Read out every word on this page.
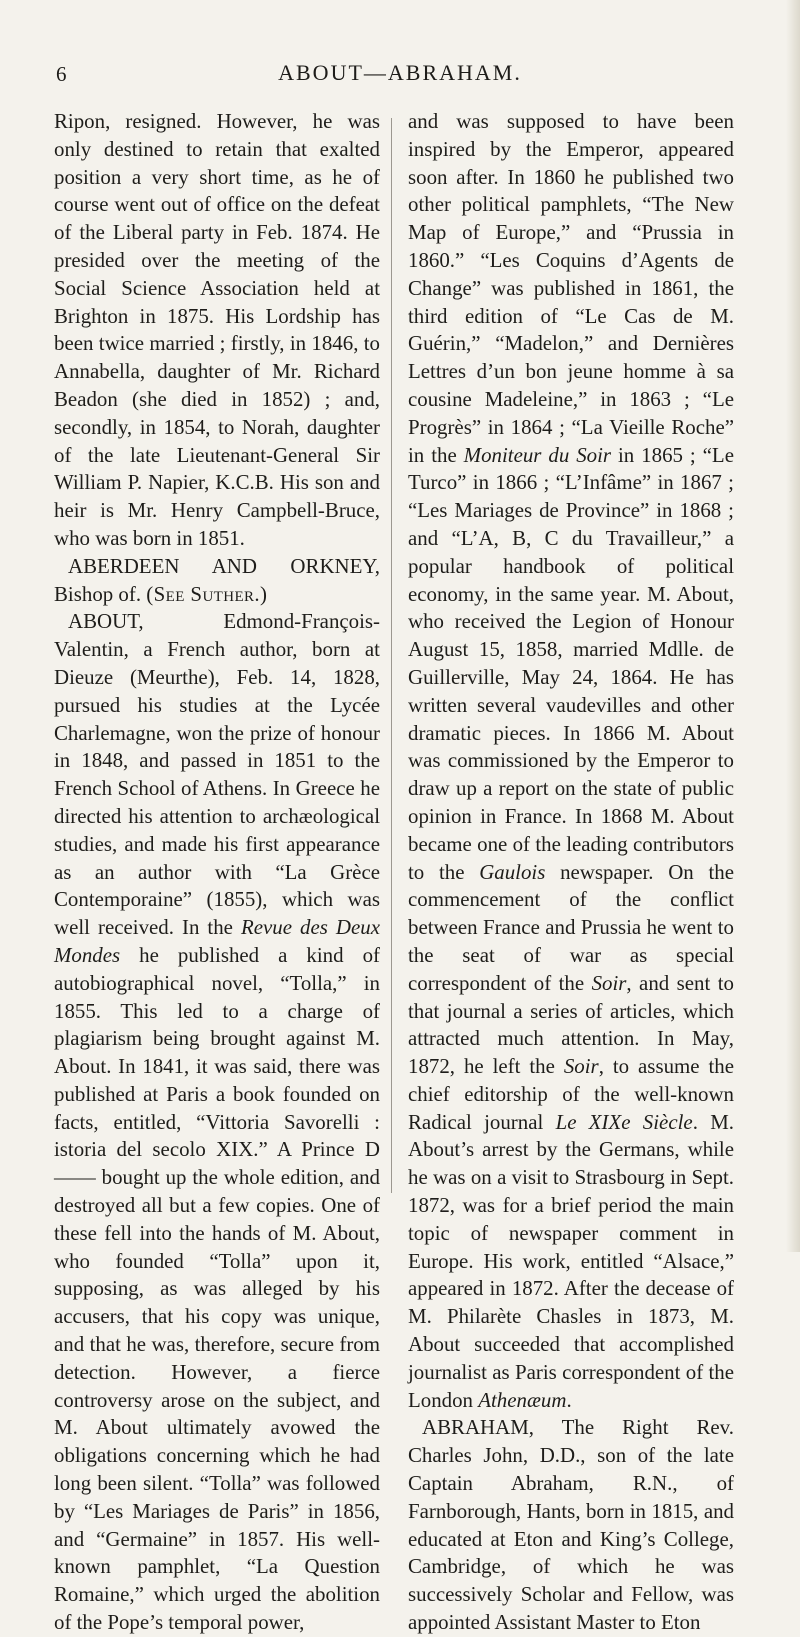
6	ABOUT—ABRAHAM.

Ripon, resigned. However, he was only destined to retain that exalted position a very short time, as he of course went out of office on the defeat of the Liberal party in Feb. 1874. He presided over the meeting of the Social Science Association held at Brighton in 1875. His Lordship has been twice married ; firstly, in 1846, to Annabella, daughter of Mr. Richard Beadon (she died in 1852) ; and, secondly, in 1854, to Norah, daughter of the late Lieutenant-General Sir William P. Napier, K.C.B. His son and heir is Mr. Henry Campbell-Bruce, who was born in 1851.

ABERDEEN AND ORKNEY, Bishop of. (See Suther.)

ABOUT, Edmond-François-Valentin, a French author, born at Dieuze (Meurthe), Feb. 14, 1828, pursued his studies at the Lycée Charlemagne, won the prize of honour in 1848, and passed in 1851 to the French School of Athens. In Greece he directed his attention to archæological studies, and made his first appearance as an author with “La Grèce Contemporaine” (1855), which was well received. In the Revue des Deux Mondes he published a kind of autobiographical novel, “Tolla,” in 1855. This led to a charge of plagiarism being brought against M. About. In 1841, it was said, there was published at Paris a book founded on facts, entitled, “Vittoria Savorelli : istoria del secolo XIX.” A Prince D—— bought up the whole edition, and destroyed all but a few copies. One of these fell into the hands of M. About, who founded “Tolla” upon it, supposing, as was alleged by his accusers, that his copy was unique, and that he was, therefore, secure from detection. However, a fierce controversy arose on the subject, and M. About ultimately avowed the obligations concerning which he had long been silent. “Tolla” was followed by “Les Mariages de Paris” in 1856, and “Germaine” in 1857. His well-known pamphlet, “La Question Romaine,” which urged the abolition of the Pope’s temporal power,

and was supposed to have been inspired by the Emperor, appeared soon after. In 1860 he published two other political pamphlets, “The New Map of Europe,” and “Prussia in 1860.” “Les Coquins d’Agents de Change” was published in 1861, the third edition of “Le Cas de M. Guérin,” “Madelon,” and Dernières Lettres d’un bon jeune homme à sa cousine Madeleine,” in 1863 ; “Le Progrès” in 1864 ; “La Vieille Roche” in the Moniteur du Soir in 1865 ; “Le Turco” in 1866 ; “L’Infâme” in 1867 ; “Les Mariages de Province” in 1868 ; and “L’A, B, C du Travailleur,” a popular handbook of political economy, in the same year. M. About, who received the Legion of Honour August 15, 1858, married Mdlle. de Guillerville, May 24, 1864. He has written several vaudevilles and other dramatic pieces. In 1866 M. About was commissioned by the Emperor to draw up a report on the state of public opinion in France. In 1868 M. About became one of the leading contributors to the Gaulois newspaper. On the commencement of the conflict between France and Prussia he went to the seat of war as special correspondent of the Soir, and sent to that journal a series of articles, which attracted much attention. In May, 1872, he left the Soir, to assume the chief editorship of the well-known Radical journal Le XIXe Siècle. M. About’s arrest by the Germans, while he was on a visit to Strasbourg in Sept. 1872, was for a brief period the main topic of newspaper comment in Europe. His work, entitled “Alsace,” appeared in 1872. After the decease of M. Philarète Chasles in 1873, M. About succeeded that accomplished journalist as Paris correspondent of the London Athenæum.

ABRAHAM, The Right Rev. Charles John, D.D., son of the late Captain Abraham, R.N., of Farnborough, Hants, born in 1815, and educated at Eton and King’s College, Cambridge, of which he was successively Scholar and Fellow, was appointed Assistant Master to Eton
